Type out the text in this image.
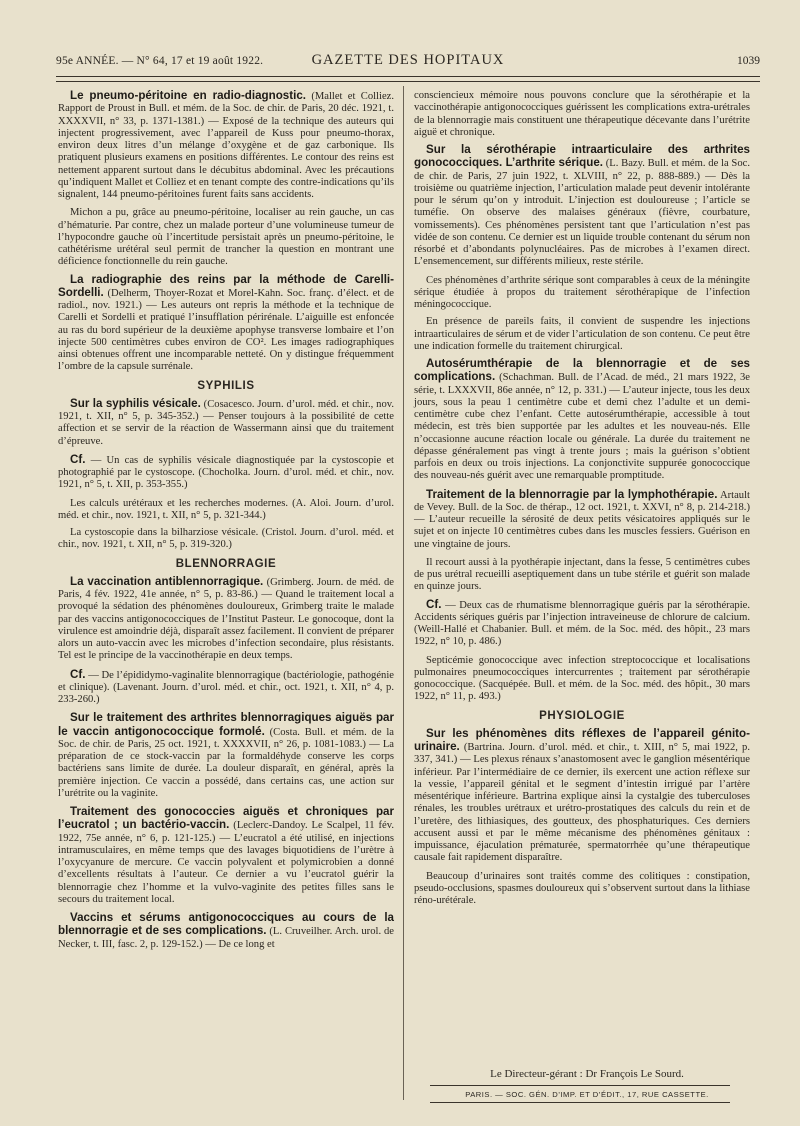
95e ANNÉE. — N° 64, 17 et 19 août 1922.	GAZETTE DES HOPITAUX	1039

Le pneumo-péritoine en radio-diagnostic. (Mallet et Colliez. Rapport de Proust in Bull. et mém. de la Soc. de chir. de Paris, 20 déc. 1921, t. XXXXVII, n° 33, p. 1371-1381.) — Exposé de la technique des auteurs qui injectent progressivement, avec l’appareil de Kuss pour pneumo-thorax, environ deux litres d’un mélange d’oxygène et de gaz carbonique. Ils pratiquent plusieurs examens en positions différentes. Le contour des reins est nettement apparent surtout dans le décubitus abdominal. Avec les précautions qu’indiquent Mallet et Colliez et en tenant compte des contre-indications qu’ils signalent, 144 pneumo-péritoines furent faits sans accidents.

Michon a pu, grâce au pneumo-péritoine, localiser au rein gauche, un cas d’hématurie. Par contre, chez un malade porteur d’une volumineuse tumeur de l’hypocondre gauche où l’incertitude persistait après un pneumo-péritoine, le cathétérisme urétéral seul permit de trancher la question en montrant une déficience fonctionnelle du rein gauche.

La radiographie des reins par la méthode de Carelli-Sordelli. (Delherm, Thoyer-Rozat et Morel-Kahn. Soc. franç. d’élect. et de radiol., nov. 1921.) — Les auteurs ont repris la méthode et la technique de Carelli et Sordelli et pratiqué l’insufflation périrénale. L’aiguille est enfoncée au ras du bord supérieur de la deuxième apophyse transverse lombaire et l’on injecte 500 centimètres cubes environ de CO². Les images radiographiques ainsi obtenues offrent une incomparable netteté. On y distingue fréquemment l’ombre de la capsule surrénale.

SYPHILIS

Sur la syphilis vésicale. (Cosacesco. Journ. d’urol. méd. et chir., nov. 1921, t. XII, n° 5, p. 345-352.) — Penser toujours à la possibilité de cette affection et se servir de la réaction de Wassermann ainsi que du traitement d’épreuve.

Cf. — Un cas de syphilis vésicale diagnostiquée par la cystoscopie et photographié par le cystoscope. (Chocholka. Journ. d’urol. méd. et chir., nov. 1921, n° 5, t. XII, p. 353-355.)

Les calculs urétéraux et les recherches modernes. (A. Aloi. Journ. d’urol. méd. et chir., nov. 1921, t. XII, n° 5, p. 321-344.)

La cystoscopie dans la bilharziose vésicale. (Cristol. Journ. d’urol. méd. et chir., nov. 1921, t. XII, n° 5, p. 319-320.)

BLENNORRAGIE

La vaccination antiblennorragique. (Grimberg. Journ. de méd. de Paris, 4 fév. 1922, 41e année, n° 5, p. 83-86.) — Quand le traitement local a provoqué la sédation des phénomènes douloureux, Grimberg traite le malade par des vaccins antigonococciques de l’Institut Pasteur. Le gonocoque, dont la virulence est amoindrie déjà, disparaît assez facilement. Il convient de préparer alors un auto-vaccin avec les microbes d’infection secondaire, plus résistants. Tel est le principe de la vaccinothérapie en deux temps.

Cf. — De l’épididymo-vaginalite blennorragique (bactériologie, pathogénie et clinique). (Lavenant. Journ. d’urol. méd. et chir., oct. 1921, t. XII, n° 4, p. 233-260.)

Sur le traitement des arthrites blennorragiques aiguës par le vaccin antigonococcique formolé. (Costa. Bull. et mém. de la Soc. de chir. de Paris, 25 oct. 1921, t. XXXXVII, n° 26, p. 1081-1083.) — La préparation de ce stock-vaccin par la formaldéhyde conserve les corps bactériens sans limite de durée. La douleur disparaît, en général, après la première injection. Ce vaccin a possédé, dans certains cas, une action sur l’urétrite ou la vaginite.

Traitement des gonococcies aiguës et chroniques par l’eucratol ; un bactério-vaccin. (Leclerc-Dandoy. Le Scalpel, 11 fév. 1922, 75e année, n° 6, p. 121-125.) — L’eucratol a été utilisé, en injections intramusculaires, en même temps que des lavages biquotidiens de l’urètre à l’oxycyanure de mercure. Ce vaccin polyvalent et polymicrobien a donné d’excellents résultats à l’auteur. Ce dernier a vu l’eucratol guérir la blennorragie chez l’homme et la vulvo-vaginite des petites filles sans le secours du traitement local.

Vaccins et sérums antigonococciques au cours de la blennorragie et de ses complications. (L. Cruveilher. Arch. urol. de Necker, t. III, fasc. 2, p. 129-152.) — De ce long et

consciencieux mémoire nous pouvons conclure que la sérothérapie et la vaccinothérapie antigonococciques guérissent les complications extra-urétrales de la blennorragie mais constituent une thérapeutique décevante dans l’urétrite aiguë et chronique.

Sur la sérothérapie intraarticulaire des arthrites gonococciques. L’arthrite sérique. (L. Bazy. Bull. et mém. de la Soc. de chir. de Paris, 27 juin 1922, t. XLVIII, n° 22, p. 888-889.) — Dès la troisième ou quatrième injection, l’articulation malade peut devenir intolérante pour le sérum qu’on y introduit. L’injection est douloureuse ; l’article se tuméfie. On observe des malaises généraux (fièvre, courbature, vomissements). Ces phénomènes persistent tant que l’articulation n’est pas vidée de son contenu. Ce dernier est un liquide trouble contenant du sérum non résorbé et d’abondants polynucléaires. Pas de microbes à l’examen direct. L’ensemencement, sur différents milieux, reste stérile.

Ces phénomènes d’arthrite sérique sont comparables à ceux de la méningite sérique étudiée à propos du traitement sérothérapique de l’infection méningococcique.

En présence de pareils faits, il convient de suspendre les injections intraarticulaires de sérum et de vider l’articulation de son contenu. Ce peut être une indication formelle du traitement chirurgical.

Autosérumthérapie de la blennorragie et de ses complications. (Schachman. Bull. de l’Acad. de méd., 21 mars 1922, 3e série, t. LXXXVII, 86e année, n° 12, p. 331.) — L’auteur injecte, tous les deux jours, sous la peau 1 centimètre cube et demi chez l’adulte et un demi-centimètre cube chez l’enfant. Cette autosérumthérapie, accessible à tout médecin, est très bien supportée par les adultes et les nouveau-nés. Elle n’occasionne aucune réaction locale ou générale. La durée du traitement ne dépasse généralement pas vingt à trente jours ; mais la guérison s’obtient parfois en deux ou trois injections. La conjonctivite suppurée gonococcique des nouveau-nés guérit avec une remarquable promptitude.

Traitement de la blennorragie par la lymphothérapie. Artault de Vevey. Bull. de la Soc. de thérap., 12 oct. 1921, t. XXVI, n° 8, p. 214-218.) — L’auteur recueille la sérosité de deux petits vésicatoires appliqués sur le sujet et on injecte 10 centimètres cubes dans les muscles fessiers. Guérison en une vingtaine de jours.

Il recourt aussi à la pyothérapie injectant, dans la fesse, 5 centimètres cubes de pus urétral recueilli aseptiquement dans un tube stérile et guérit son malade en quinze jours.

Cf. — Deux cas de rhumatisme blennorragique guéris par la sérothérapie. Accidents sériques guéris par l’injection intraveineuse de chlorure de calcium. (Weill-Hallé et Chabanier. Bull. et mém. de la Soc. méd. des hôpit., 23 mars 1922, n° 10, p. 486.)

Septicémie gonococcique avec infection streptococcique et localisations pulmonaires pneumococciques intercurrentes ; traitement par sérothérapie gonococcique. (Sacquépée. Bull. et mém. de la Soc. méd. des hôpit., 30 mars 1922, n° 11, p. 493.)

PHYSIOLOGIE

Sur les phénomènes dits réflexes de l’appareil génito-urinaire. (Bartrina. Journ. d’urol. méd. et chir., t. XIII, n° 5, mai 1922, p. 337, 341.) — Les plexus rénaux s’anastomosent avec le ganglion mésentérique inférieur. Par l’intermédiaire de ce dernier, ils exercent une action réflexe sur la vessie, l’appareil génital et le segment d’intestin irrigué par l’artère mésentérique inférieure. Bartrina explique ainsi la cystalgie des tuberculoses rénales, les troubles urétraux et urétro-prostatiques des calculs du rein et de l’uretère, des lithiasiques, des goutteux, des phosphaturiques. Ces derniers accusent aussi et par le même mécanisme des phénomènes génitaux : impuissance, éjaculation prématurée, spermatorrhée qu’une thérapeutique causale fait rapidement disparaître.

Beaucoup d’urinaires sont traités comme des colitiques : constipation, pseudo-occlusions, spasmes douloureux qui s’observent surtout dans la lithiase réno-urétérale.

Le Directeur-gérant : Dr François Le Sourd.
PARIS. — SOC. GÉN. D’IMP. ET D’ÉDIT., 17, RUE CASSETTE.
